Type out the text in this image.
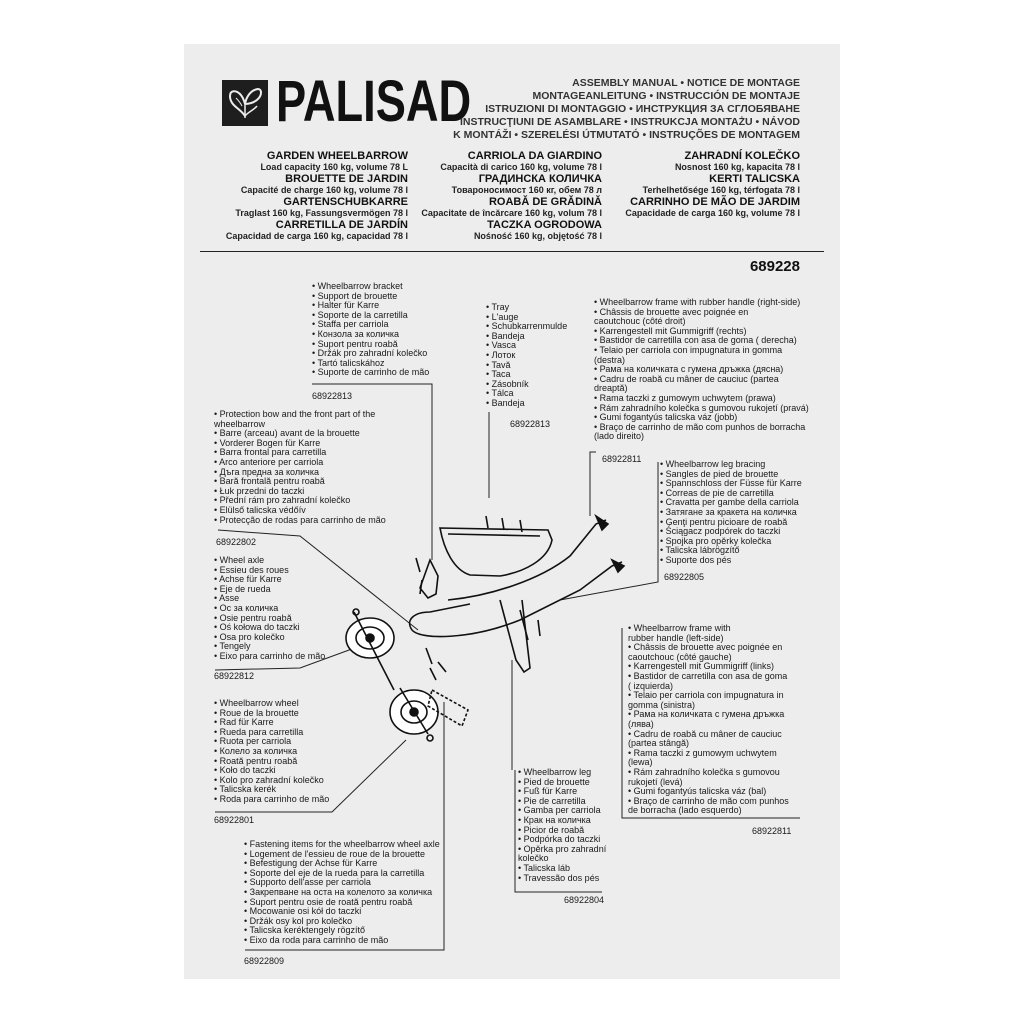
PALISAD	ASSEMBLY MANUAL • NOTICE DE MONTAGE
MONTAGEANLEITUNG • INSTRUCCIÓN DE MONTAJE
ISTRUZIONI DI MONTAGGIO • ИНСТРУКЦИЯ ЗА СГЛОБЯВАНЕ
INSTRUCŢIUNI DE ASAMBLARE • INSTRUKCJA MONTAŻU • NÁVOD
K MONTÁŽI • SZERELÉSI ÚTMUTATÓ • INSTRUÇÕES DE MONTAGEM
GARDEN WHEELBARROW
Load capacity 160 kg, volume 78 L
BROUETTE DE JARDIN
Capacité de charge 160 kg, volume 78 l
GARTENSCHUBKARRE
Traglast 160 kg, Fassungsvermögen 78 l
CARRETILLA DE JARDÍN
Capacidad de carga 160 kg, capacidad 78 l
CARRIOLA DA GIARDINO
Capacità di carico 160 kg, volume 78 l
ГРАДИНСКА КОЛИЧКА
Товароносимост 160 кг, обем 78 л
ROABĂ DE GRĂDINĂ
Capacitate de încărcare 160 kg, volum 78 l
TACZKA OGRODOWA
Nośność 160 kg, objętość 78 l
ZAHRADNÍ KOLEČKO
Nosnost 160 kg, kapacita 78 l
KERTI TALICSKA
Terhelhetősége 160 kg, térfogata 78 l
CARRINHO DE MÃO DE JARDIM
Capacidade de carga 160 kg, volume 78 l
689228
• Wheelbarrow bracket
• Support de brouette
• Halter für Karre
• Soporte de la carretilla
• Staffa per carriola
• Конзола за количка
• Suport pentru roabă
• Držák pro zahradní kolečko
• Tartó talicskához
• Suporte de carrinho de mão
68922813
• Tray
• L'auge
• Schubkarrenmulde
• Bandeja
• Vasca
• Лоток
• Tavă
• Taca
• Zásobník
• Tálca
• Bandeja
68922813
• Wheelbarrow frame with rubber handle (right-side)
• Châssis de brouette avec poignée en
caoutchouc (côté droit)
• Karrengestell mit Gummigriff (rechts)
• Bastidor de carretilla con asa de goma ( derecha)
• Telaio per carriola con impugnatura in gomma
(destra)
• Рама на количката с гумена дръжка (дясна)
• Cadru de roabă cu mâner de cauciuc (partea
dreaptă)
• Rama taczki z gumowym uchwytem (prawa)
• Rám zahradního kolečka s gumovou rukojetí (pravá)
• Gumi fogantyús talicska váz (jobb)
• Braço de carrinho de mão com punhos de borracha
(lado direito)
68922811
• Protection bow and the front part of the
wheelbarrow
• Barre (arceau) avant de la brouette
• Vorderer Bogen für Karre
• Barra frontal para carretilla
• Arco anteriore per carriola
• Дъга предна за количка
• Bară frontală pentru roabă
• Łuk przedni do taczki
• Přední rám pro zahradní kolečko
• Elülső talicska védőív
• Protecção de rodas para carrinho de mão
68922802
• Wheelbarrow leg bracing
• Sangles de pied de brouette
• Spannschloss der Füsse für Karre
• Correas de pie de carretilla
• Cravatta per gambe della carriola
• Затягане за кракета на количка
• Genţi pentru picioare de roabă
• Ściągacz podpórek do taczki
• Spojka pro opěrky kolečka
• Talicska lábrögzítő
• Suporte dos pés
68922805
• Wheel axle
• Essieu des roues
• Achse für Karre
• Eje de rueda
• Asse
• Ос за количка
• Osie pentru roabă
• Oś kołowa do taczki
• Osa pro kolečko
• Tengely
• Eixo para carrinho de mão
68922812
• Wheelbarrow frame with
rubber handle (left-side)
• Châssis de brouette avec poignée en
caoutchouc (côté gauche)
• Karrengestell mit Gummigriff (links)
• Bastidor de carretilla con asa de goma
( izquierda)
• Telaio per carriola con impugnatura in
gomma (sinistra)
• Рама на количката с гумена дръжка
(лява)
• Cadru de roabă cu mâner de cauciuc
(partea stângă)
• Rama taczki z gumowym uchwytem
(lewa)
• Rám zahradního kolečka s gumovou
rukojetí (levá)
• Gumi fogantyús talicska váz (bal)
• Braço de carrinho de mão com punhos
de borracha (lado esquerdo)
68922811
• Wheelbarrow wheel
• Roue de la brouette
• Rad für Karre
• Rueda para carretilla
• Ruota per carriola
• Колело за количка
• Roată pentru roabă
• Koło do taczki
• Kolo pro zahradní kolečko
• Talicska kerék
• Roda para carrinho de mão
68922801
• Wheelbarrow leg
• Pied de brouette
• Fuß für Karre
• Pie de carretilla
• Gamba per carriola
• Крак на количка
• Picior de roabă
• Podpórka do taczki
• Opěrka pro zahradní
kolečko
• Talicska láb
• Travessão dos pés
68922804
• Fastening items for the wheelbarrow wheel axle
• Logement de l'essieu de roue de la brouette
• Befestigung der Achse für Karre
• Soporte del eje de la rueda para la carretilla
• Supporto dell'asse per carriola
• Закрепване на оста на колелото за количка
• Suport pentru osie de roată pentru roabă
• Mocowanie osi kół do taczki
• Držák osy kol pro kolečko
• Talicska keréktengely rögzítő
• Eixo da roda para carrinho de mão
68922809
